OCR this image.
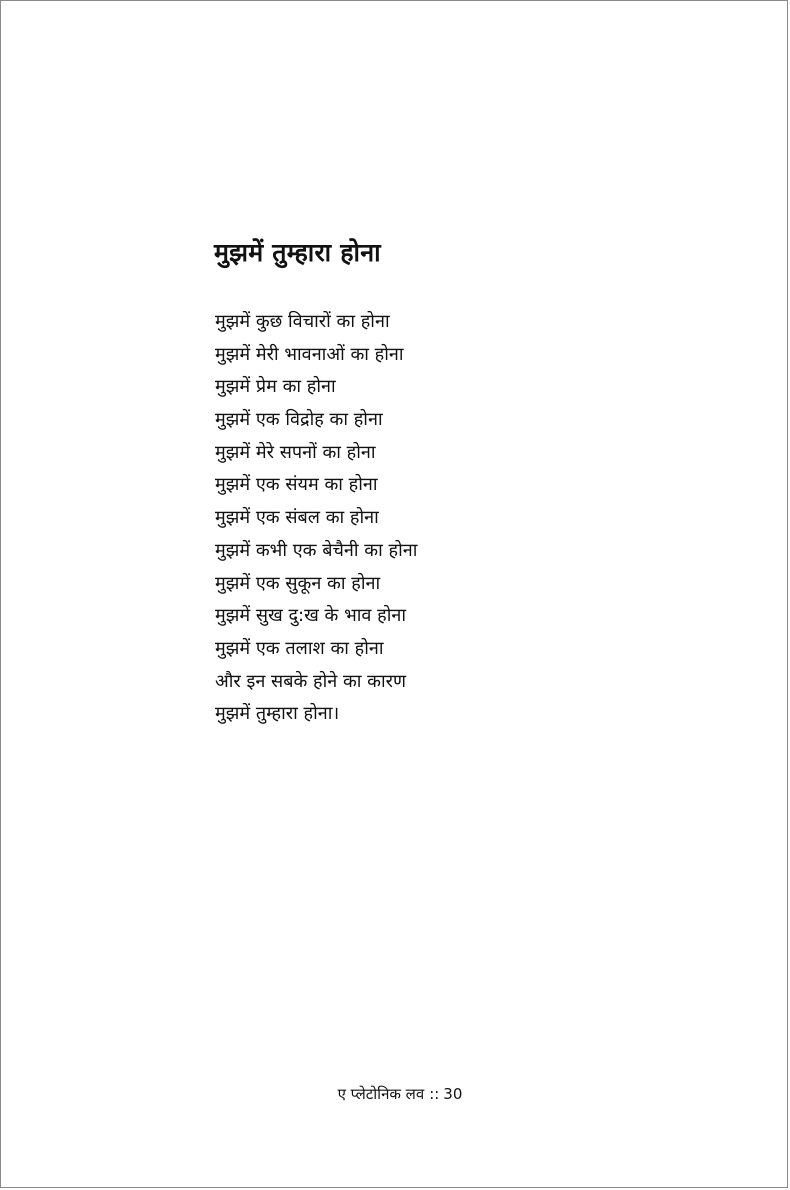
मुझमें तुम्हारा होना
मुझमें कुछ विचारों का होना
मुझमें मेरी भावनाओं का होना
मुझमें प्रेम का होना
मुझमें एक विद्रोह का होना
मुझमें मेरे सपनों का होना
मुझमें एक संयम का होना
मुझमें एक संबल का होना
मुझमें कभी एक बेचैनी का होना
मुझमें एक सुकून का होना
मुझमें सुख दु:ख के भाव होना
मुझमें एक तलाश का होना
और इन सबके होने का कारण
मुझमें तुम्हारा होना।
ए प्लेटोनिक लव :: 30
